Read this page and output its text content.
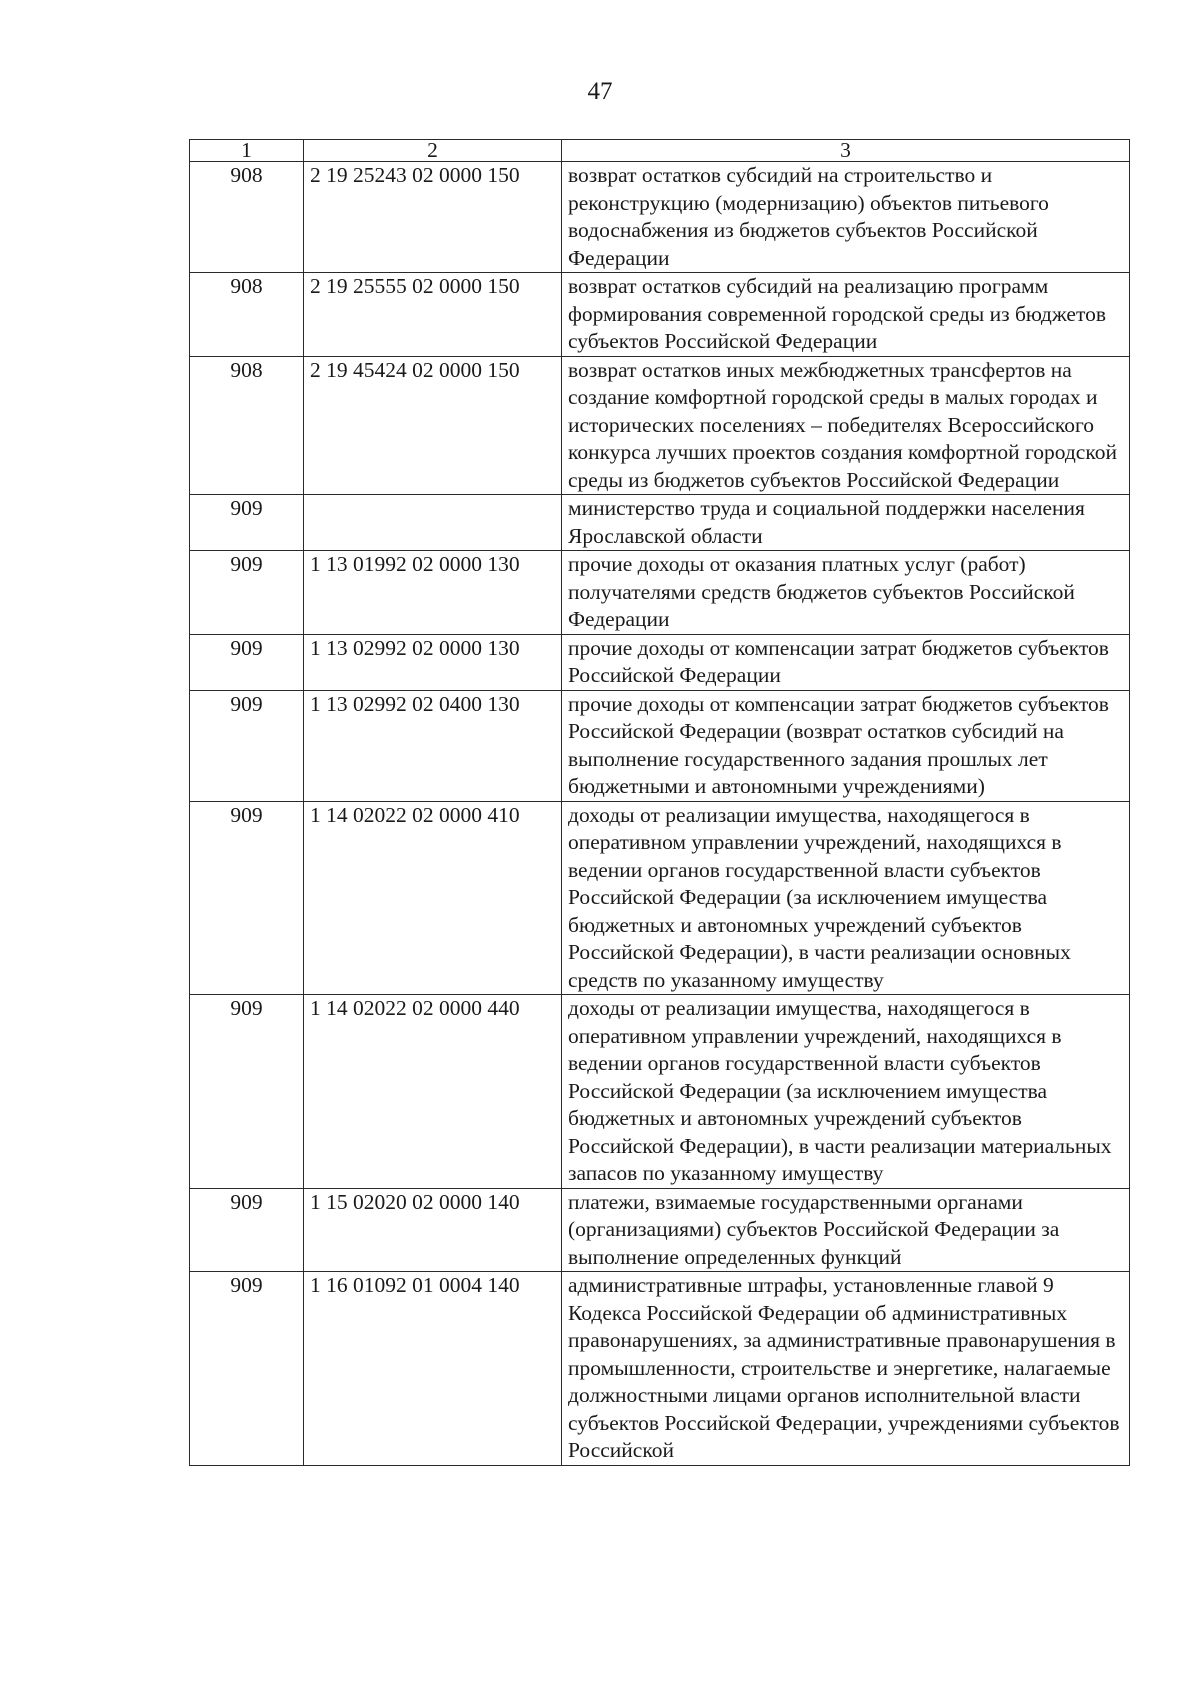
47
1	2	3
908	2 19 25243 02 0000 150	возврат остатков субсидий на строительство и реконструкцию (модернизацию) объектов питьевого водоснабжения из бюджетов субъектов Российской Федерации
908	2 19 25555 02 0000 150	возврат остатков субсидий на реализацию программ формирования современной городской среды из бюджетов субъектов Российской Федерации
908	2 19 45424 02 0000 150	возврат остатков иных межбюджетных трансфертов на создание комфортной городской среды в малых городах и исторических поселениях – победителях Всероссийского конкурса лучших проектов создания комфортной городской среды из бюджетов субъектов Российской Федерации
909		министерство труда и социальной поддержки населения Ярославской области
909	1 13 01992 02 0000 130	прочие доходы от оказания платных услуг (работ) получателями средств бюджетов субъектов Российской Федерации
909	1 13 02992 02 0000 130	прочие доходы от компенсации затрат бюджетов субъектов Российской Федерации
909	1 13 02992 02 0400 130	прочие доходы от компенсации затрат бюджетов субъектов Российской Федерации (возврат остатков субсидий на выполнение государственного задания прошлых лет бюджетными и автономными учреждениями)
909	1 14 02022 02 0000 410	доходы от реализации имущества, находящегося в оперативном управлении учреждений, находящихся в ведении органов государственной власти субъектов Российской Федерации (за исключением имущества бюджетных и автономных учреждений субъектов Российской Федерации), в части реализации основных средств по указанному имуществу
909	1 14 02022 02 0000 440	доходы от реализации имущества, находящегося в оперативном управлении учреждений, находящихся в ведении органов государственной власти субъектов Российской Федерации (за исключением имущества бюджетных и автономных учреждений субъектов Российской Федерации), в части реализации материальных запасов по указанному имуществу
909	1 15 02020 02 0000 140	платежи, взимаемые государственными органами (организациями) субъектов Российской Федерации за выполнение определенных функций
909	1 16 01092 01 0004 140	административные штрафы, установленные главой 9 Кодекса Российской Федерации об административных правонарушениях, за административные правонарушения в промышленности, строительстве и энергетике, налагаемые должностными лицами органов исполнительной власти субъектов Российской Федерации, учреждениями субъектов Российской
